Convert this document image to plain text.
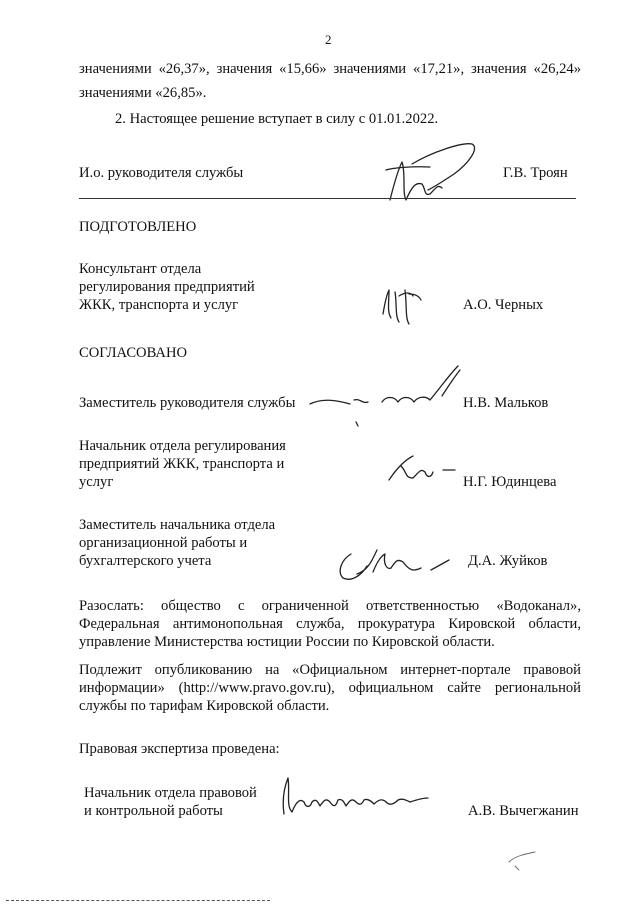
2
значениями «26,37», значения «15,66» значениями «17,21», значения «26,24»
значениями «26,85».
2. Настоящее решение вступает в силу с 01.01.2022.
И.о. руководителя службы	Г.В. Троян
ПОДГОТОВЛЕНО
Консультант отдела
регулирования предприятий
ЖКК, транспорта и услуг	А.О. Черных
СОГЛАСОВАНО
Заместитель руководителя службы	Н.В. Мальков
Начальник отдела регулирования
предприятий ЖКК, транспорта и
услуг	Н.Г. Юдинцева
Заместитель начальника отдела
организационной работы и
бухгалтерского учета	Д.А. Жуйков
Разослать: общество с ограниченной ответственностью «Водоканал»,
Федеральная антимонопольная служба, прокуратура Кировской области,
управление Министерства юстиции России по Кировской области.
Подлежит опубликованию на «Официальном интернет-портале правовой
информации» (http://www.pravo.gov.ru), официальном сайте региональной
службы по тарифам Кировской области.
Правовая экспертиза проведена:
Начальник отдела правовой
и контрольной работы	А.В. Вычегжанин
